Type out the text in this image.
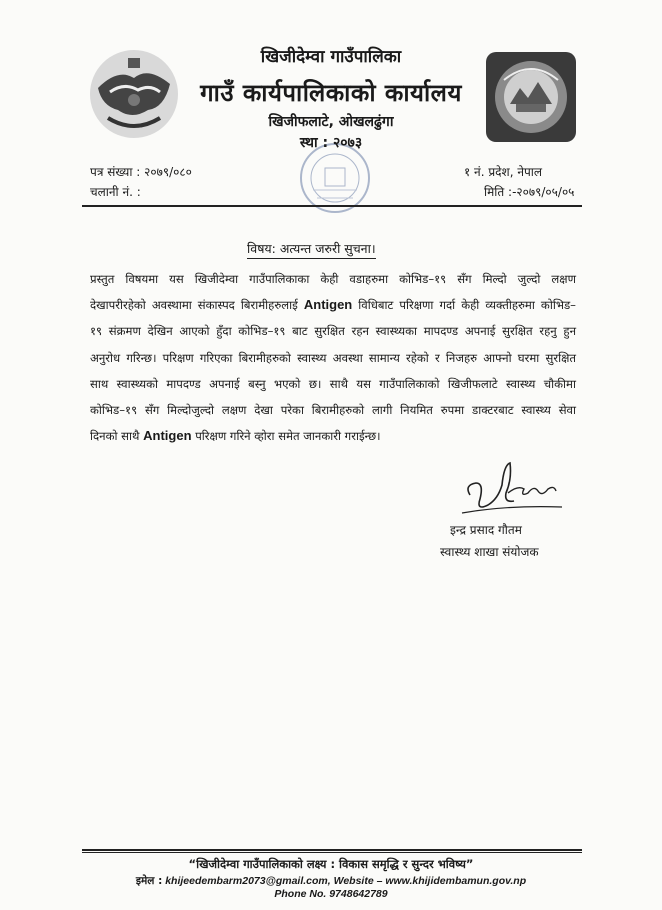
खिजीदेम्वा गाउँपालिका
गाउँ कार्यपालिकाको कार्यालय
खिजीफलाटे, ओखलढुंगा
स्था : २०७३
पत्र संख्या : २०७९/०८०
चलानी नं. :
१ नं. प्रदेश, नेपाल
मिति :-२०७९/०५/०५
विषय: अत्यन्त जरुरी सुचना।
प्रस्तुत विषयमा यस खिजीदेम्वा गाउँपालिकाका केही वडाहरुमा कोभिड–१९ सँग मिल्दो जुल्दो लक्षण
देखापरीरहेको अवस्थामा संकास्पद बिरामीहरुलाई Antigen विधिबाट परिक्षणा गर्दा केही व्यक्तीहरुमा कोभिड–
१९ संक्रमण देखिन आएको हुँदा कोभिड–१९ बाट सुरक्षित रहन स्वास्थ्यका मापदण्ड अपनाई सुरक्षित रहनु हुन
अनुरोध गरिन्छ। परिक्षण गरिएका बिरामीहरुको स्वास्थ्य अवस्था सामान्य रहेको र निजहरु आफ्नो घरमा सुरक्षित
साथ स्वास्थ्यको मापदण्ड अपनाई बस्नु भएको छ। साथै यस गाउँपालिकाको खिजीफलाटे स्वास्थ्य चौकीमा
कोभिड–१९ सँग मिल्दोजुल्दो लक्षण देखा परेका बिरामीहरुको लागी नियमित रुपमा डाक्टरबाट स्वास्थ्य सेवा
दिनको साथै Antigen परिक्षण गरिने व्होरा समेत जानकारी गराईन्छ।
इन्द्र प्रसाद गौतम
स्वास्थ्य शाखा संयोजक
“खिजीदेम्वा गाउँपालिकाको लक्ष्य : विकास समृद्धि र सुन्दर भविष्य”
इमेल : khijeedembarm2073@gmail.com, Website – www.khijidembamun.gov.np
Phone No. 9748642789
